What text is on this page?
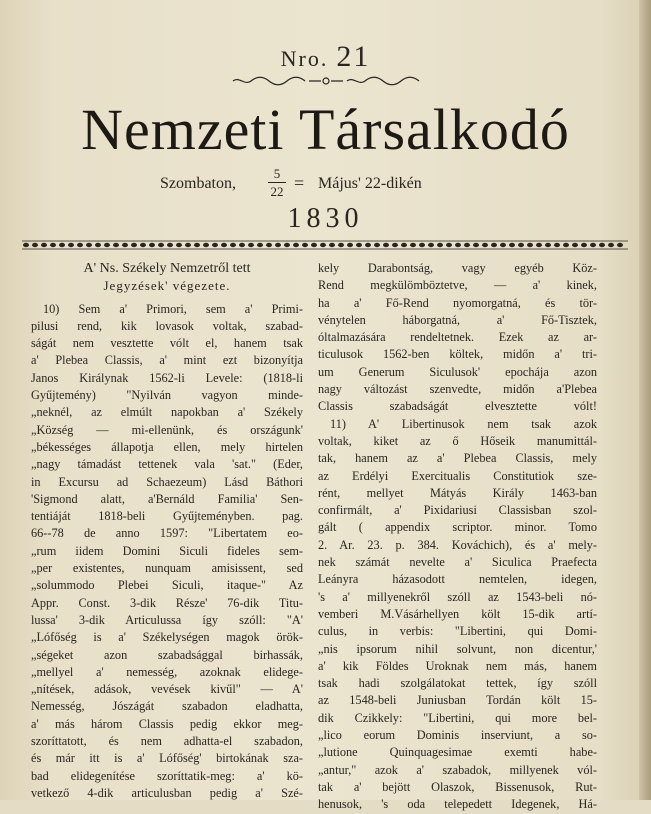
Nro. 21
Nemzeti Társalkodó
Szombaton, $\frac{5}{22}$ = Május' 22-dikén
1830
A' Ns. Székely Nemzetről tett
Jegyzések' végezete.
10) Sem a' Primori, sem a' Primi-
pilusi rend, kik lovasok voltak, szabad-
ságát nem vesztette vólt el, hanem tsak
a' Plebea Classis, a' mint ezt bizonyítja
Janos Királynak 1562-li Levele: (1818-li
Gyűjtemény) "Nyilván vagyon minde-
„neknél, az elmúlt napokban a' Székely
„Község — mi-ellenünk, és országunk'
„békességes állapotja ellen, mely hirtelen
„nagy támadást tettenek vala 'sat." (Eder,
in Excursu ad Schaezeum) Lásd Báthori
'Sigmond alatt, a'Bernáld Familia' Sen-
tentiáját 1818-beli Gyűjteményben. pag.
66--78 de anno 1597: "Libertatem eo-
„rum iidem Domini Siculi fideles sem-
„per existentes, nunquam amisissent, sed
„solummodo Plebei Siculi, itaque-" Az
Appr. Const. 3-dik Része' 76-dik Titu-
lussa' 3-dik Articulussa így szóll: "A'
„Lófőség is a' Székelységen magok örök-
„ségeket azon szabadsággal birhassák,
„mellyel a' nemesség, azoknak elidege-
„nítések, adások, vevések kivűl" — A'
Nemesség, Jószágát szabadon eladhatta,
a' más három Classis pedig ekkor meg-
szoríttatott, és nem adhatta-el szabadon,
és már itt is a' Lófőség' birtokának sza-
bad elidegenítése szoríttatik-meg: a' kö-
vetkező 4-dik articulusban pedig a' Szé-
kely Darabontság, vagy egyéb Köz-
Rend megkülömböztetve, — a' kinek,
ha a' Fő-Rend nyomorgatná, és tör-
vénytelen háborgatná, a' Fő-Tisztek,
óltalmazására rendeltetnek. Ezek az ar-
ticulusok 1562-ben költek, midőn a' tri-
um Generum Siculusok' epochája azon
nagy változást szenvedte, midőn a'Plebea
Classis szabadságát elvesztette vólt!
11) A' Libertinusok nem tsak azok
voltak, kiket az ő Hőseik manumittál-
tak, hanem az a' Plebea Classis, mely
az Erdélyi Exercitualis Constitutiok sze-
rént, mellyet Mátyás Király 1463-ban
confirmált, a' Pixidariusi Classisban szol-
gált ( appendix scriptor. minor. Tomo
2. Ar. 23. p. 384. Kováchich), és a' mely-
nek számát nevelte a' Siculica Praefecta
Leányra házasodott nemtelen, idegen,
's a' millyenekről szóll az 1543-beli nó-
vemberi M.Vásárhellyen költ 15-dik artí-
culus, in verbis: "Libertini, qui Domi-
„nis ipsorum nihil solvunt, non dicentur,'
a' kik Földes Uroknak nem más, hanem
tsak hadi szolgálatokat tettek, így szóll
az 1548-beli Juniusban Tordán költ 15-
dik Czikkely: "Libertini, qui more bel-
„lico eorum Dominis inserviunt, a so-
„lutione Quinquagesimae exemti habe-
„antur," azok a' szabadok, millyenek vól-
tak a' bejött Olaszok, Bissenusok, Rut-
henusok, 's oda telepedett Idegenek, Há-
